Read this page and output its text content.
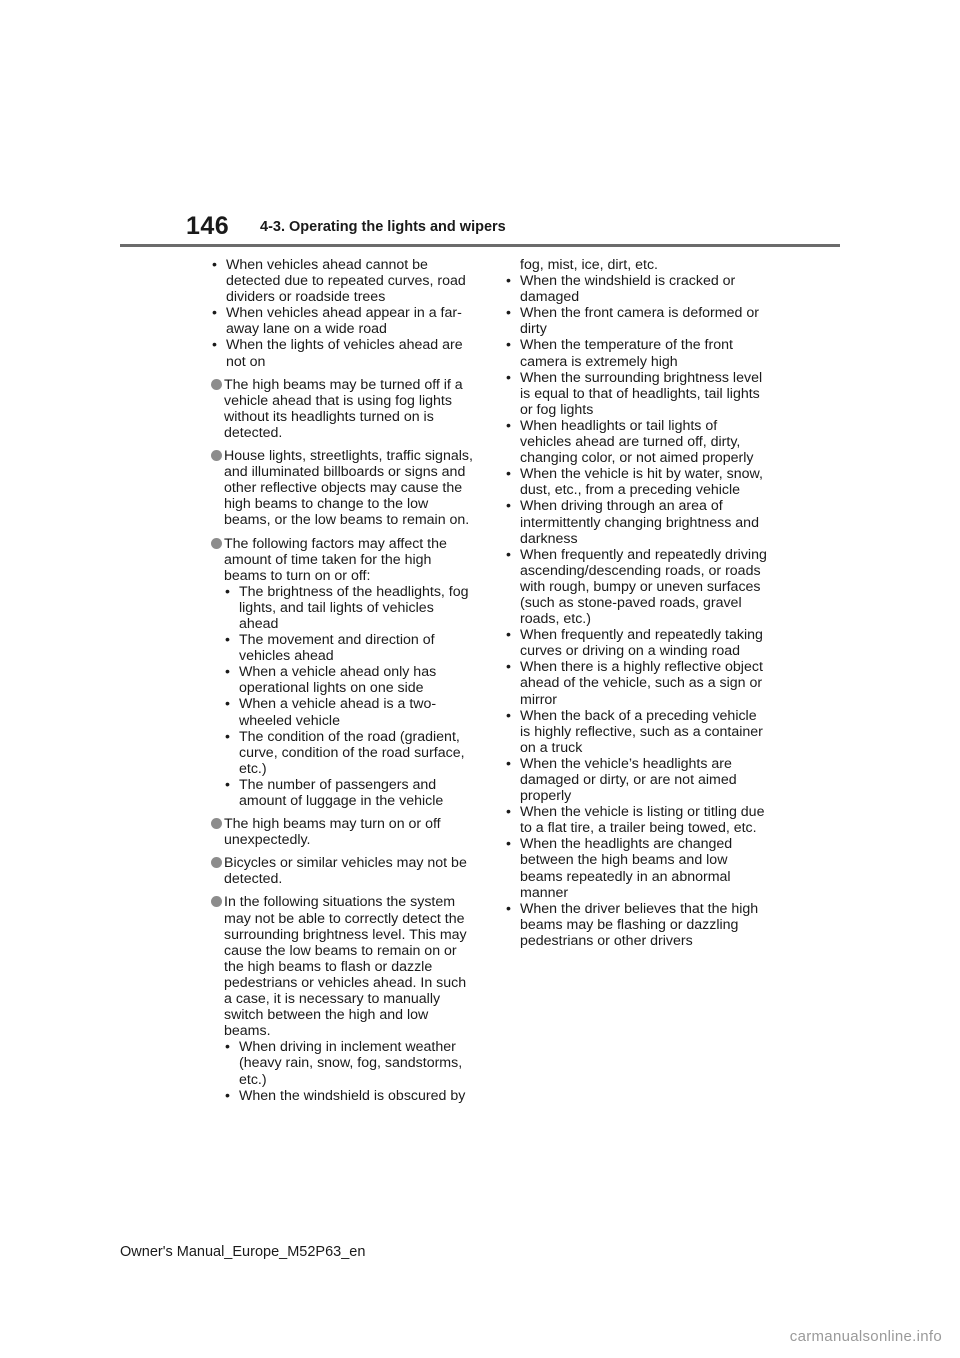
146 4-3. Operating the lights and wipers
• When vehicles ahead cannot be detected due to repeated curves, road dividers or roadside trees
• When vehicles ahead appear in a far-away lane on a wide road
• When the lights of vehicles ahead are not on
The high beams may be turned off if a vehicle ahead that is using fog lights without its headlights turned on is detected.
House lights, streetlights, traffic signals, and illuminated billboards or signs and other reflective objects may cause the high beams to change to the low beams, or the low beams to remain on.
The following factors may affect the amount of time taken for the high beams to turn on or off:
• The brightness of the headlights, fog lights, and tail lights of vehicles ahead
• The movement and direction of vehicles ahead
• When a vehicle ahead only has operational lights on one side
• When a vehicle ahead is a two-wheeled vehicle
• The condition of the road (gradient, curve, condition of the road surface, etc.)
• The number of passengers and amount of luggage in the vehicle
The high beams may turn on or off unexpectedly.
Bicycles or similar vehicles may not be detected.
In the following situations the system may not be able to correctly detect the surrounding brightness level. This may cause the low beams to remain on or the high beams to flash or dazzle pedestrians or vehicles ahead. In such a case, it is necessary to manually switch between the high and low beams.
• When driving in inclement weather (heavy rain, snow, fog, sandstorms, etc.)
• When the windshield is obscured by
fog, mist, ice, dirt, etc.
• When the windshield is cracked or damaged
• When the front camera is deformed or dirty
• When the temperature of the front camera is extremely high
• When the surrounding brightness level is equal to that of headlights, tail lights or fog lights
• When headlights or tail lights of vehicles ahead are turned off, dirty, changing color, or not aimed properly
• When the vehicle is hit by water, snow, dust, etc., from a preceding vehicle
• When driving through an area of intermittently changing brightness and darkness
• When frequently and repeatedly driving ascending/descending roads, or roads with rough, bumpy or uneven surfaces (such as stone-paved roads, gravel roads, etc.)
• When frequently and repeatedly taking curves or driving on a winding road
• When there is a highly reflective object ahead of the vehicle, such as a sign or mirror
• When the back of a preceding vehicle is highly reflective, such as a container on a truck
• When the vehicle’s headlights are damaged or dirty, or are not aimed properly
• When the vehicle is listing or titling due to a flat tire, a trailer being towed, etc.
• When the headlights are changed between the high beams and low beams repeatedly in an abnormal manner
• When the driver believes that the high beams may be flashing or dazzling pedestrians or other drivers
Owner's Manual_Europe_M52P63_en
carmanualsonline.info
